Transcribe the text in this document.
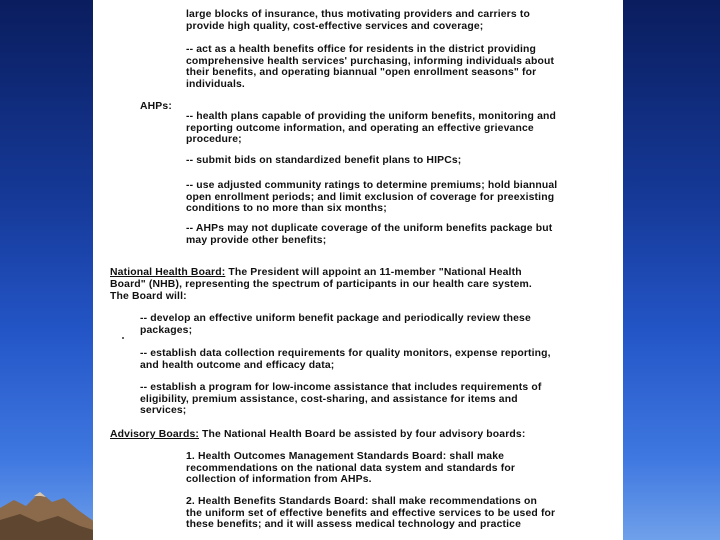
large blocks of insurance, thus motivating providers and carriers to
provide high quality, cost-effective services and coverage;

-- act as a health benefits office for residents in the district providing
comprehensive health services' purchasing, informing individuals about
their benefits, and operating biannual "open enrollment seasons" for
individuals.

AHPs:

-- health plans capable of providing the uniform benefits, monitoring and
reporting outcome information, and operating an effective grievance
procedure;

-- submit bids on standardized benefit plans to HIPCs;

-- use adjusted community ratings to determine premiums; hold biannual
open enrollment periods; and limit exclusion of coverage for preexisting
conditions to no more than six months;

-- AHPs may not duplicate coverage of the uniform benefits package but
may provide other benefits;

National Health Board: The President will appoint an 11-member "National Health

Board" (NHB), representing the spectrum of participants in our health care system.
The Board will:

-- develop an effective uniform benefit package and periodically review these
packages;

-- establish data collection requirements for quality monitors, expense reporting,
and health outcome and efficacy data;

-- establish a program for low-income assistance that includes requirements of
eligibility, premium assistance, cost-sharing, and assistance for items and
services;

Advisory Boards: The National Health Board be assisted by four advisory boards:

1. Health Outcomes Management Standards Board: shall make
recommendations on the national data system and standards for
collection of information from AHPs.

2. Health Benefits Standards Board: shall make recommendations on
the uniform set of effective benefits and effective services to be used for
these benefits; and it will assess medical technology and practice
